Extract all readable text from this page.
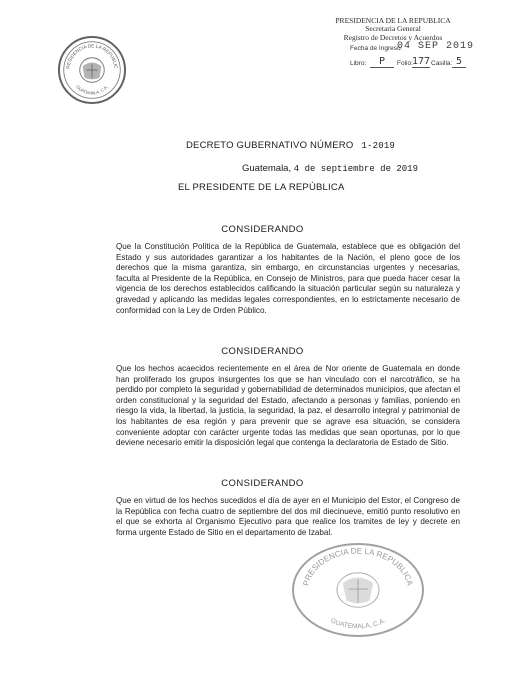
RESIDENCIA DE LA REPUBLIC
GUATEMALA, C.A.
PRESIDENCIA DE LA REPUBLICA
Secretaria General
Registro de Decretos y Acuerdos
Fecha de Ingreso:
04 SEP 2019
Libro:	P	Folio: 177 Casilla: 5
DECRETO GUBERNATIVO NÚMERO 1-2019
Guatemala, 4 de septiembre de 2019
EL PRESIDENTE DE LA REPÚBLICA
CONSIDERANDO
Que la Constitución Política de la República de Guatemala, establece que es obligación del Estado y sus autoridades garantizar a los habitantes de la Nación, el pleno goce de los derechos que la misma garantiza, sin embargo, en circunstancias urgentes y necesarias, faculta al Presidente de la República, en Consejo de Ministros, para que pueda hacer cesar la vigencia de los derechos establecidos calificando la situación particular según su naturaleza y gravedad y aplicando las medidas legales correspondientes, en lo estrictamente necesario de conformidad con la Ley de Orden Público.
CONSIDERANDO
Que los hechos acaecidos recientemente en el área de Nor oriente de Guatemala en donde han proliferado los grupos insurgentes los que se han vinculado con el narcotráfico, se ha perdido por completo la seguridad y gobernabilidad de determinados municipios, que afectan el orden constitucional y la seguridad del Estado, afectando a personas y familias, poniendo en riesgo la vida, la libertad, la justicia, la seguridad, la paz, el desarrollo integral y patrimonial de los habitantes de esa región y para prevenir que se agrave esa situación, se considera conveniente adoptar con carácter urgente todas las medidas que sean oportunas, por lo que deviene necesario emitir la disposición legal que contenga la declaratoria de Estado de Sitio.
CONSIDERANDO
Que en virtud de los hechos sucedidos el día de ayer en el Municipio del Estor, el Congreso de la República con fecha cuatro de septiembre del dos mil diecinueve, emitió punto resolutivo en el que se exhorta al Organismo Ejecutivo para que realice los tramites de ley y decrete en forma urgente Estado de Sitio en el departamento de Izabal.
PRESIDENCIA DE LA REPUBLICA
GUATEMALA, C.A.
